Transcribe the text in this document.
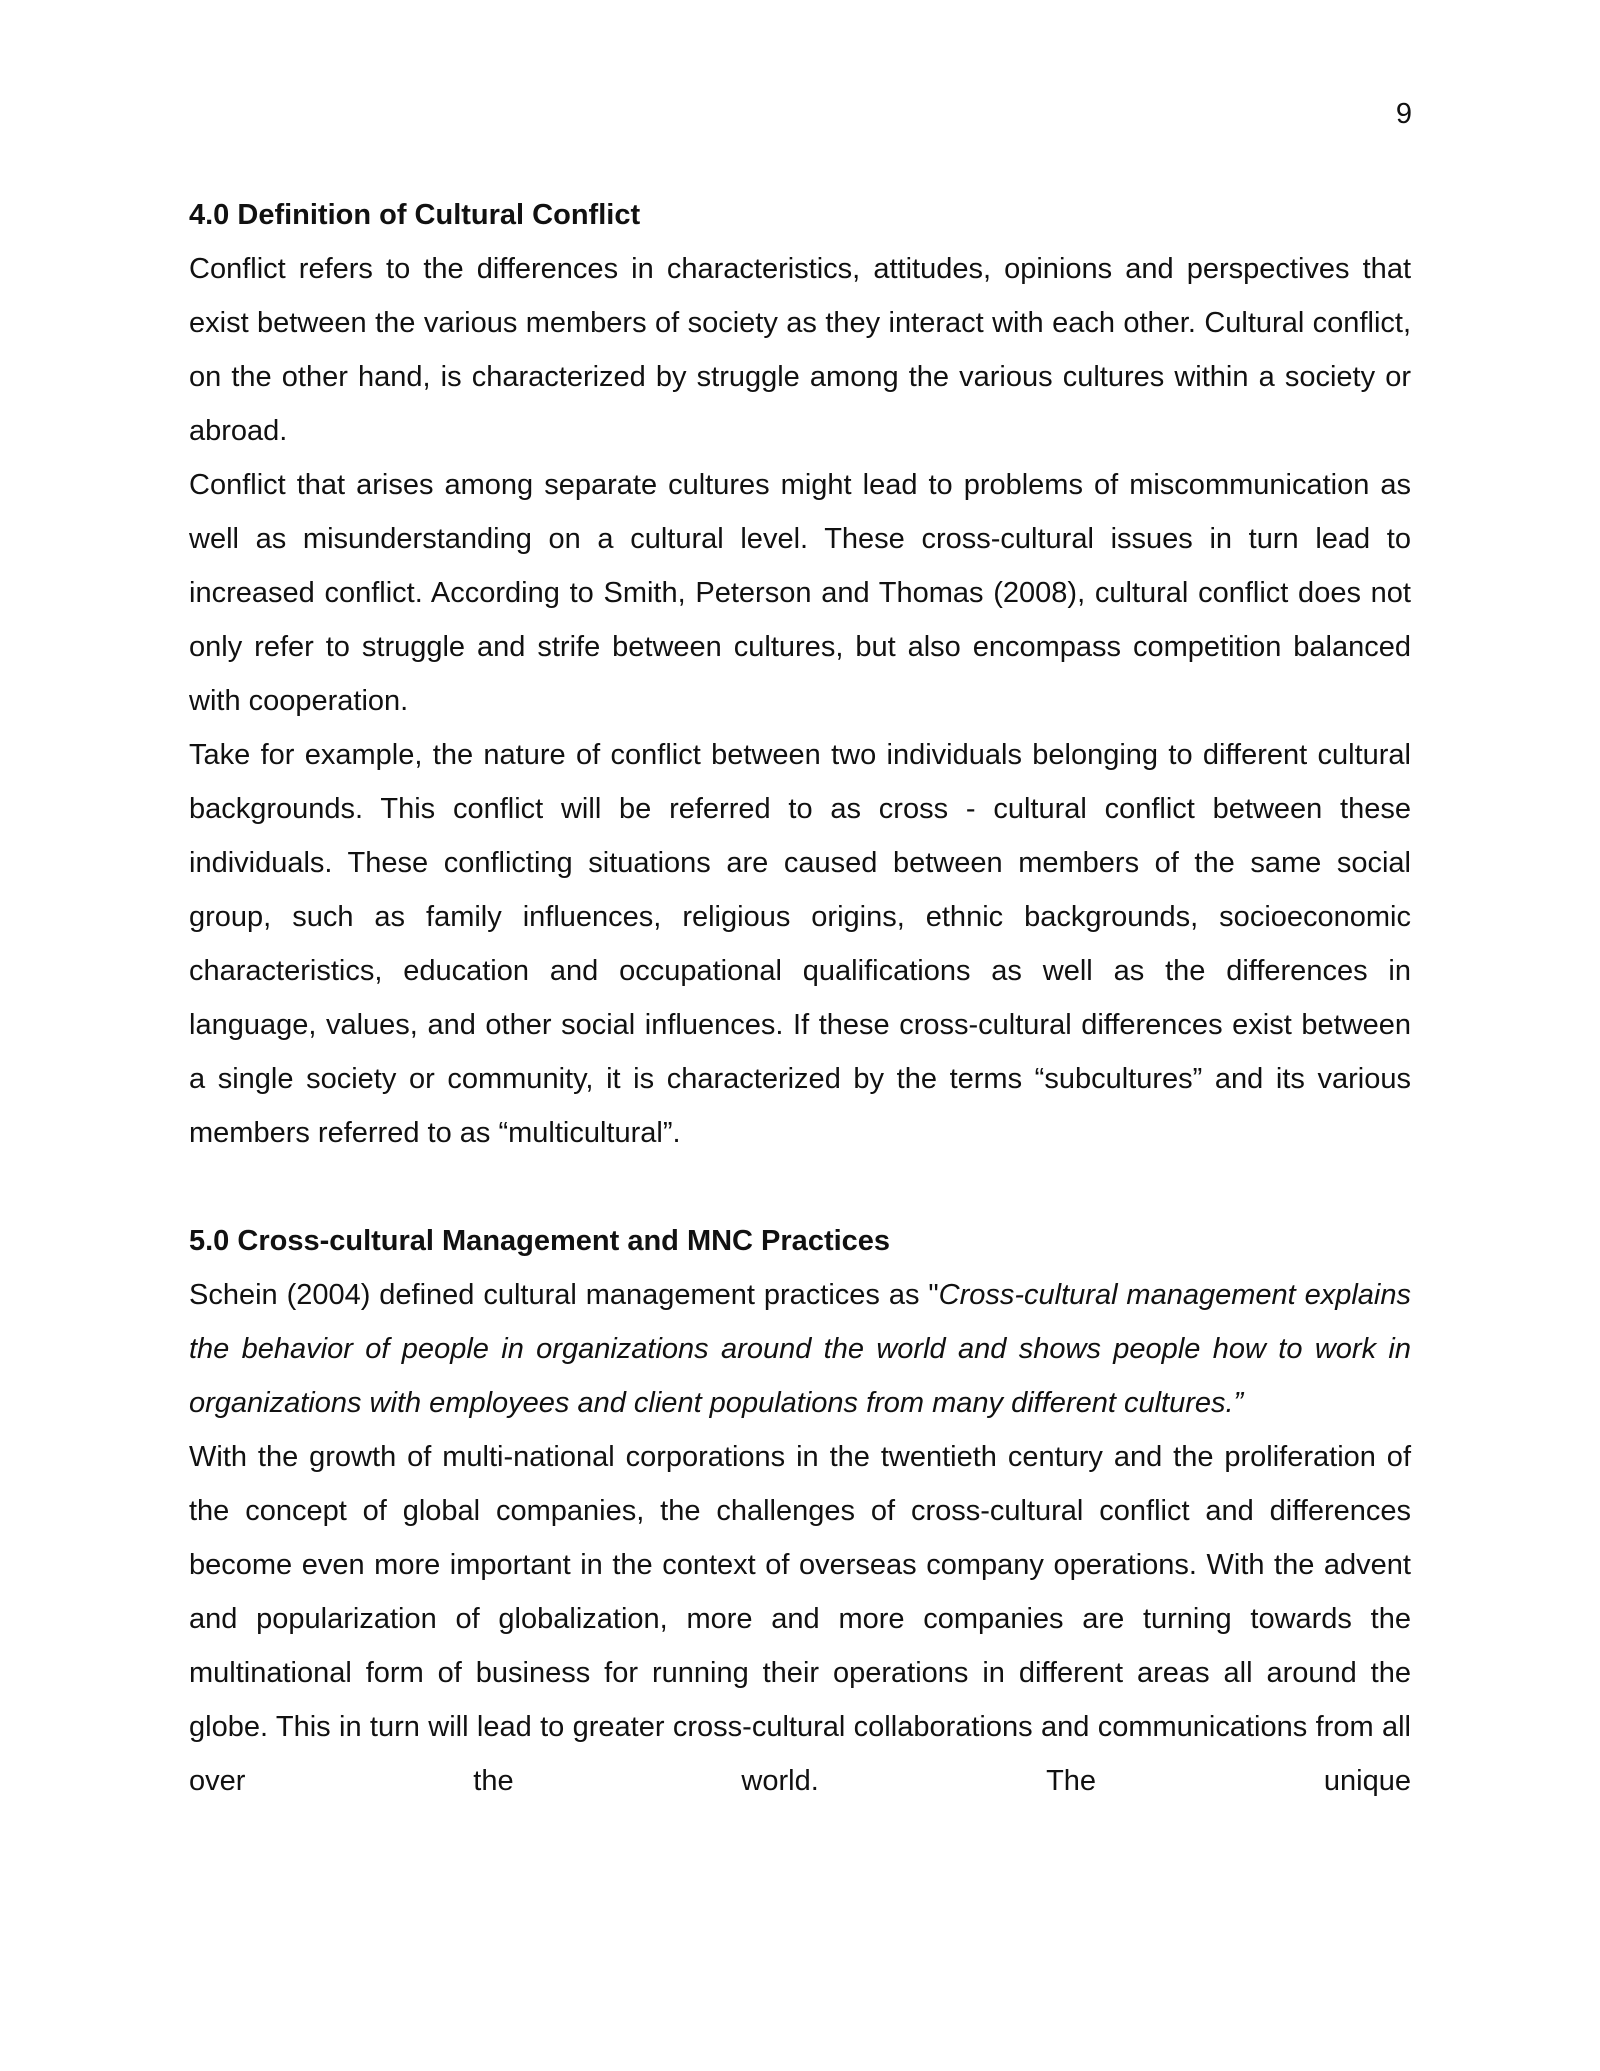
9
4.0 Definition of Cultural Conflict

Conflict refers to the differences in characteristics, attitudes, opinions and perspectives that exist between the various members of society as they interact with each other. Cultural conflict, on the other hand, is characterized by struggle among the various cultures within a society or abroad.

Conflict that arises among separate cultures might lead to problems of miscommunication as well as misunderstanding on a cultural level. These cross-cultural issues in turn lead to increased conflict. According to Smith, Peterson and Thomas (2008), cultural conflict does not only refer to struggle and strife between cultures, but also encompass competition balanced with cooperation.

Take for example, the nature of conflict between two individuals belonging to different cultural backgrounds. This conflict will be referred to as cross - cultural conflict between these individuals. These conflicting situations are caused between members of the same social group, such as family influences, religious origins, ethnic backgrounds, socioeconomic characteristics, education and occupational qualifications as well as the differences in language, values, and other social influences. If these cross-cultural differences exist between a single society or community, it is characterized by the terms “subcultures” and its various members referred to as “multicultural”.

5.0 Cross-cultural Management and MNC Practices

Schein (2004) defined cultural management practices as "Cross-cultural management explains the behavior of people in organizations around the world and shows people how to work in organizations with employees and client populations from many different cultures.”

With the growth of multi-national corporations in the twentieth century and the proliferation of the concept of global companies, the challenges of cross-cultural conflict and differences become even more important in the context of overseas company operations. With the advent and popularization of globalization, more and more companies are turning towards the multinational form of business for running their operations in different areas all around the globe. This in turn will lead to greater cross-cultural collaborations and communications from all over the world. The unique
